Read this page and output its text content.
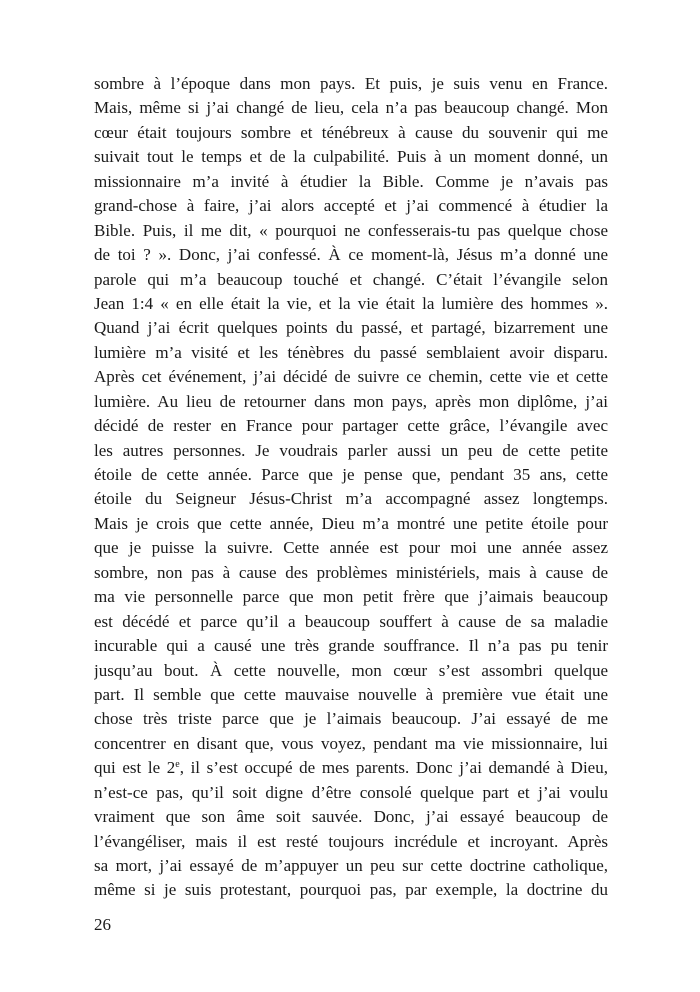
sombre à l’époque dans mon pays. Et puis, je suis venu en France.
Mais, même si j’ai changé de lieu, cela n’a pas beaucoup changé. Mon
cœur était toujours sombre et ténébreux à cause du souvenir qui me
suivait tout le temps et de la culpabilité. Puis à un moment donné, un
missionnaire m’a invité à étudier la Bible. Comme je n’avais pas
grand-chose à faire, j’ai alors accepté et j’ai commencé à étudier la
Bible. Puis, il me dit, « pourquoi ne confesserais-tu pas quelque chose
de toi ? ». Donc, j’ai confessé. À ce moment-là, Jésus m’a donné une
parole qui m’a beaucoup touché et changé. C’était l’évangile selon
Jean 1:4 « en elle était la vie, et la vie était la lumière des hommes ».
Quand j’ai écrit quelques points du passé, et partagé, bizarrement une
lumière m’a visité et les ténèbres du passé semblaient avoir disparu.
Après cet événement, j’ai décidé de suivre ce chemin, cette vie et cette
lumière. Au lieu de retourner dans mon pays, après mon diplôme, j’ai
décidé de rester en France pour partager cette grâce, l’évangile avec
les autres personnes. Je voudrais parler aussi un peu de cette petite
étoile de cette année. Parce que je pense que, pendant 35 ans, cette
étoile du Seigneur Jésus-Christ m’a accompagné assez longtemps.
Mais je crois que cette année, Dieu m’a montré une petite étoile pour
que je puisse la suivre. Cette année est pour moi une année assez
sombre, non pas à cause des problèmes ministériels, mais à cause de
ma vie personnelle parce que mon petit frère que j’aimais beaucoup
est décédé et parce qu’il a beaucoup souffert à cause de sa maladie
incurable qui a causé une très grande souffrance. Il n’a pas pu tenir
jusqu’au bout. À cette nouvelle, mon cœur s’est assombri quelque
part. Il semble que cette mauvaise nouvelle à première vue était une
chose très triste parce que je l’aimais beaucoup. J’ai essayé de me
concentrer en disant que, vous voyez, pendant ma vie missionnaire, lui
qui est le 2e, il s’est occupé de mes parents. Donc j’ai demandé à Dieu,
n’est-ce pas, qu’il soit digne d’être consolé quelque part et j’ai voulu
vraiment que son âme soit sauvée. Donc, j’ai essayé beaucoup de
l’évangéliser, mais il est resté toujours incrédule et incroyant. Après
sa mort, j’ai essayé de m’appuyer un peu sur cette doctrine catholique,
même si je suis protestant, pourquoi pas, par exemple, la doctrine du
26
